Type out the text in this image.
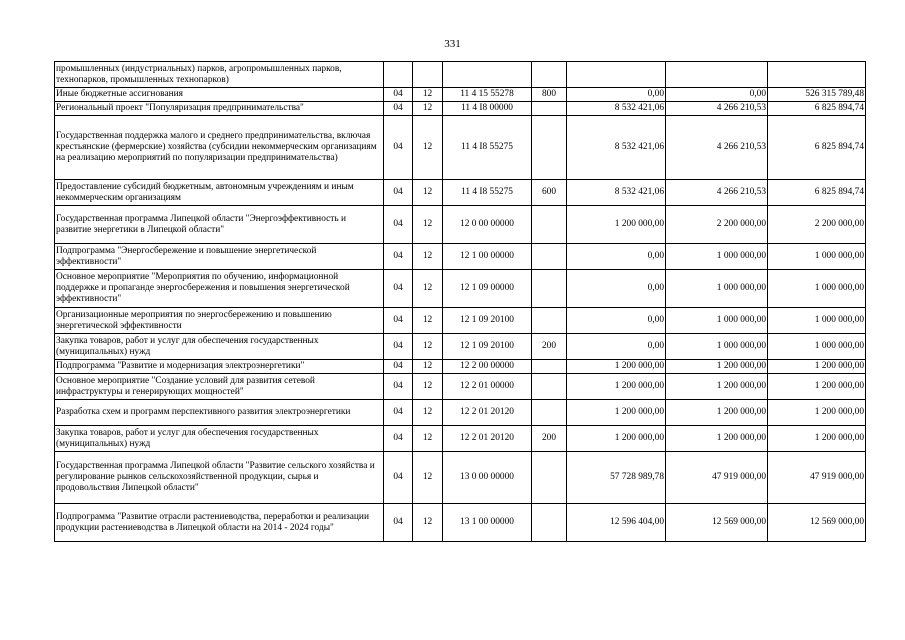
331
промышленных (индустриальных) парков, агропромышленных парков, технопарков, промышленных технопарков)							
Иные бюджетные ассигнования	04	12	11 4 15 55278	800	0,00	0,00	526 315 789,48
Региональный проект "Популяризация предпринимательства"	04	12	11 4 I8 00000		8 532 421,06	4 266 210,53	6 825 894,74
Государственная поддержка малого и среднего предпринимательства, включая крестьянские (фермерские) хозяйства (субсидии некоммерческим организациям на реализацию мероприятий по популяризации предпринимательства)	04	12	11 4 I8 55275		8 532 421,06	4 266 210,53	6 825 894,74
Предоставление субсидий бюджетным, автономным учреждениям и иным некоммерческим организациям	04	12	11 4 I8 55275	600	8 532 421,06	4 266 210,53	6 825 894,74
Государственная программа Липецкой области "Энергоэффективность и развитие энергетики в Липецкой области"	04	12	12 0 00 00000		1 200 000,00	2 200 000,00	2 200 000,00
Подпрограмма "Энергосбережение и повышение энергетической эффективности"	04	12	12 1 00 00000		0,00	1 000 000,00	1 000 000,00
Основное мероприятие "Мероприятия по обучению, информационной поддержке и пропаганде энергосбережения и повышения энергетической эффективности"	04	12	12 1 09 00000		0,00	1 000 000,00	1 000 000,00
Организационные мероприятия по энергосбережению и повышению энергетической эффективности	04	12	12 1 09 20100		0,00	1 000 000,00	1 000 000,00
Закупка товаров, работ и услуг для обеспечения государственных (муниципальных) нужд	04	12	12 1 09 20100	200	0,00	1 000 000,00	1 000 000,00
Подпрограмма "Развитие и модернизация электроэнергетики"	04	12	12 2 00 00000		1 200 000,00	1 200 000,00	1 200 000,00
Основное мероприятие "Создание условий для развития сетевой инфраструктуры и генерирующих мощностей"	04	12	12 2 01 00000		1 200 000,00	1 200 000,00	1 200 000,00
Разработка схем и программ перспективного развития электроэнергетики	04	12	12 2 01 20120		1 200 000,00	1 200 000,00	1 200 000,00
Закупка товаров, работ и услуг для обеспечения государственных (муниципальных) нужд	04	12	12 2 01 20120	200	1 200 000,00	1 200 000,00	1 200 000,00
Государственная программа Липецкой области "Развитие сельского хозяйства и регулирование рынков сельскохозяйственной продукции, сырья и продовольствия Липецкой области"	04	12	13 0 00 00000		57 728 989,78	47 919 000,00	47 919 000,00
Подпрограмма "Развитие отрасли растениеводства, переработки и реализации продукции растениеводства в Липецкой области на 2014 - 2024 годы"	04	12	13 1 00 00000		12 596 404,00	12 569 000,00	12 569 000,00
